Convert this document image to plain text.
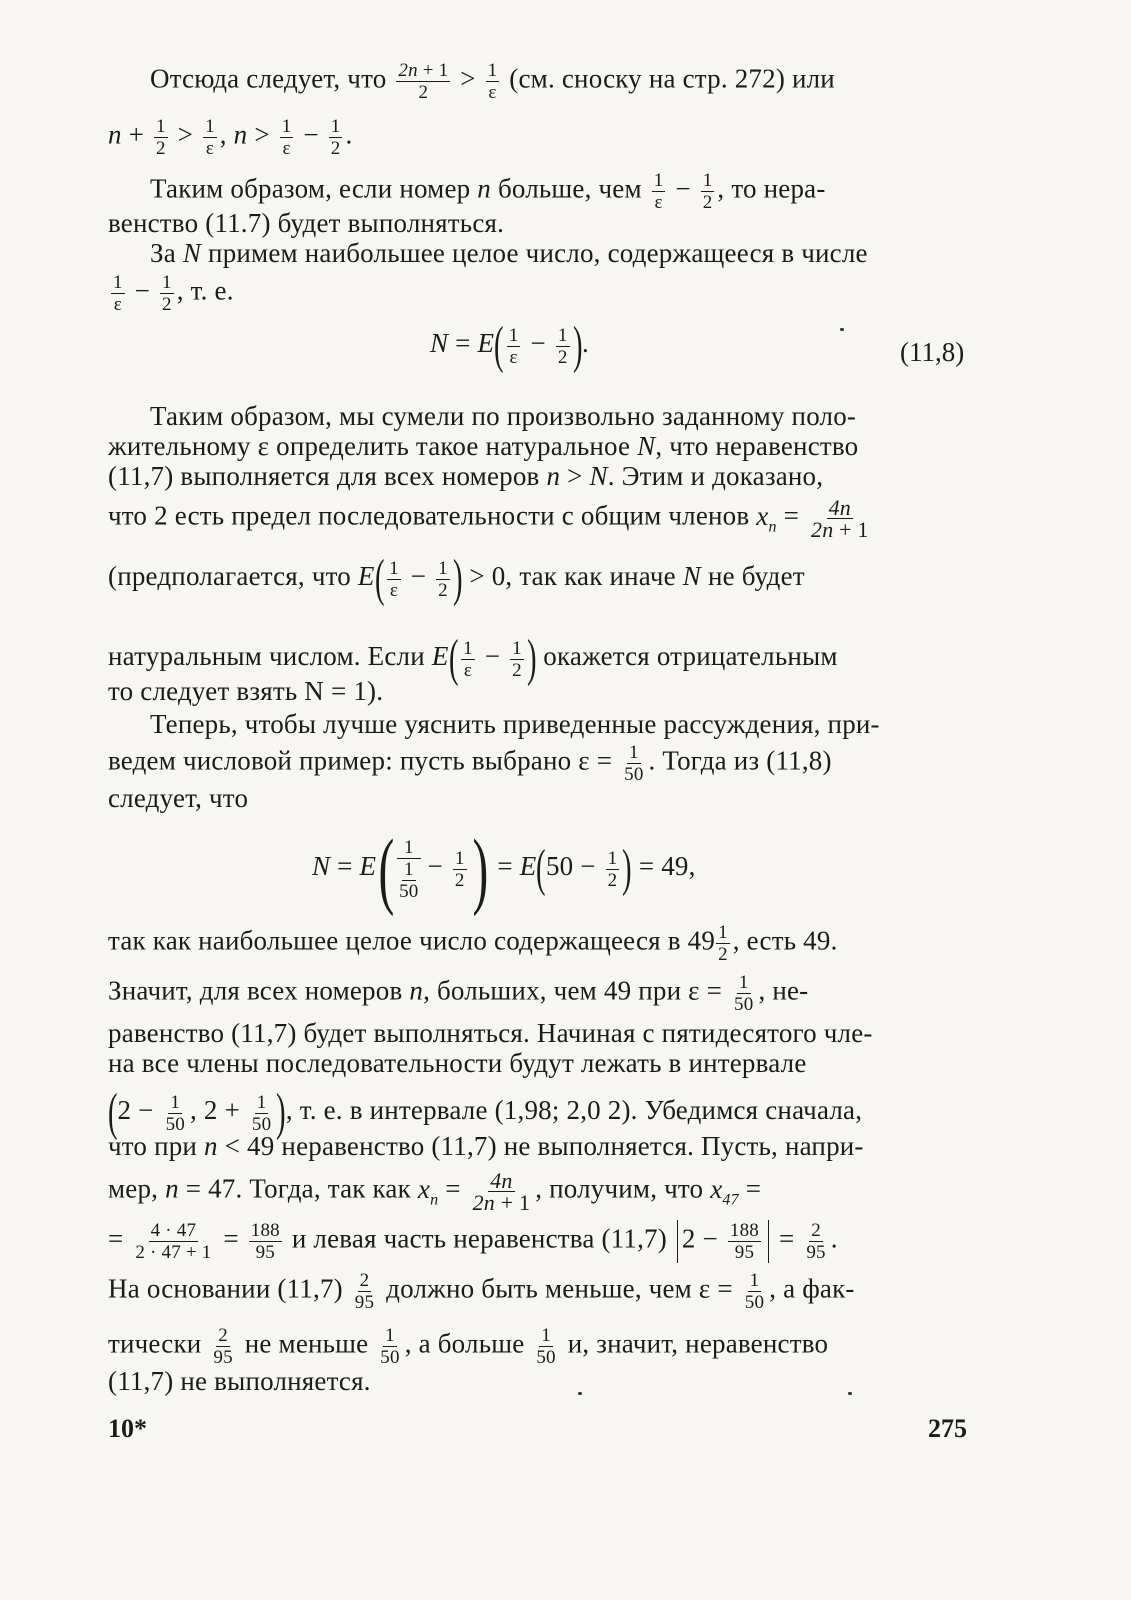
Отсюда следует, что $\frac{2n + 1}{2} > \frac{1}{\varepsilon} (см$. сноску на стр. 272) или
$n + \frac{1}{2} > \frac{1}{\varepsilon}$ , $n > \frac{1}{\varepsilon} - \frac{1}{2}$ .
Таким образом, если номер n больше, чем $\frac{1}{\varepsilon} - \frac{1}{2}$ , то нера-
венство (11.7) будет выполняться.
За N примем наибольшее целое число, содержащееся в числе
$\frac{1}{\varepsilon} - \frac{1}{2}$ , т. е.
$N = E( \frac{1}{\varepsilon} - \frac{1}{2}$ ).	(11,8)
Таким образом, мы сумели по произвольно заданному поло-
жительному ε определить такое натуральное N, что неравенство
(11,7) выполняется для всех номеров n > N. Этим и доказано,
что 2 есть предел последовательности с общим членов $x_n = \frac{4n}{2n + 1}$
(предполагается, что $E( \frac{1}{\varepsilon} - \frac{1}{2}$ ) > 0, так как иначе N не будет
натуральным числом. Если $E( \frac{1}{\varepsilon} - \frac{1}{2}$ ) окажется отрицательным
то следует взять N = 1).
Теперь, чтобы лучше уяснить приведенные рассуждения, при-
ведем числовой пример: пусть выбрано $\varepsilon = \frac{1}{50}$ . Тогда из (11,8)
следует, что
$N = E( \frac{1}{\frac{1}{50}} - \frac{1}{2}$ ) = $E(50 - \frac{1}{2}$ ) = 49,
так как наибольшее целое число содержащееся в $49 \frac{1}{2}$ , есть 49.
Значит, для всех номеров n, больших, чем 49 при $\varepsilon = \frac{1}{50}$ , не-
равенство (11,7) будет выполняться. Начиная с пятидесятого чле-
на все члены последовательности будут лежать в интервале
($2 - \frac{1}{50}$ , $2 + \frac{1}{50}$ ), т. е. в интервале (1,98; 2,0 2). Убедимся сначала,
что при n < 49 неравенство (11,7) не выполняется. Пусть, напри-
мер, n = 47. Тогда, так как $x_n = \frac{4n}{2n + 1}$ , получим, что $x_{47}$ =
= $\frac{4 \cdot 47}{2 \cdot 47 + 1} = \frac{188}{95}$ и левая часть неравенства (11,7) $2 - \frac{188}{95} = \frac{2}{95}$ .
На основании $(11,7) \frac{2}{95}$ должно быть меньше, чем $\varepsilon = \frac{1}{50}$ , а фак-
тически $\frac{2}{95}$ не меньше $\frac{1}{50}$ , а больше $\frac{1}{50} и$, значит, неравенство
(11,7) не выполняется.
10*	275
